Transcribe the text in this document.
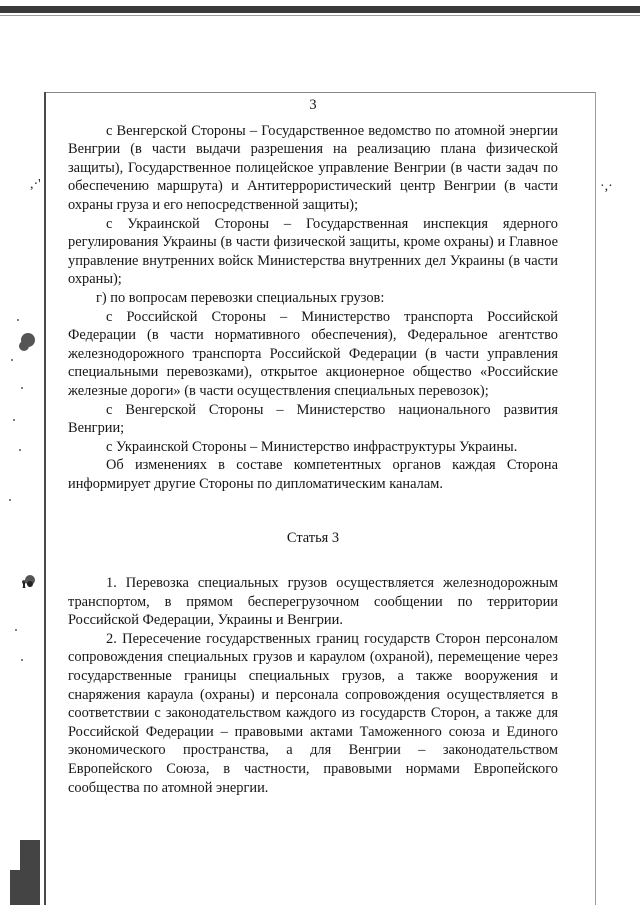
,·'	·,·
ı●
3

с Венгерской Стороны – Государственное ведомство по атомной энергии Венгрии (в части выдачи разрешения на реализацию плана физической защиты), Государственное полицейское управление Венгрии (в части задач по обеспечению маршрута) и Антитеррористический центр Венгрии (в части охраны груза и его непосредственной защиты);

с Украинской Стороны – Государственная инспекция ядерного регулирования Украины (в части физической защиты, кроме охраны) и Главное управление внутренних войск Министерства внутренних дел Украины (в части охраны);

г) по вопросам перевозки специальных грузов:

с Российской Стороны – Министерство транспорта Российской Федерации (в части нормативного обеспечения), Федеральное агентство железнодорожного транспорта Российской Федерации (в части управления специальными перевозками), открытое акционерное общество «Российские железные дороги» (в части осуществления специальных перевозок);

с Венгерской Стороны – Министерство национального развития Венгрии;

с Украинской Стороны – Министерство инфраструктуры Украины.

Об изменениях в составе компетентных органов каждая Сторона информирует другие Стороны по дипломатическим каналам.

Статья 3

1. Перевозка специальных грузов осуществляется железнодорожным транспортом, в прямом бесперегрузочном сообщении по территории Российской Федерации, Украины и Венгрии.

2. Пересечение государственных границ государств Сторон персоналом сопровождения специальных грузов и караулом (охраной), перемещение через государственные границы специальных грузов, а также вооружения и снаряжения караула (охраны) и персонала сопровождения осуществляется в соответствии с законодательством каждого из государств Сторон, а также для Российской Федерации – правовыми актами Таможенного союза и Единого экономического пространства, а для Венгрии – законодательством Европейского Союза, в частности, правовыми нормами Европейского сообщества по атомной энергии.
